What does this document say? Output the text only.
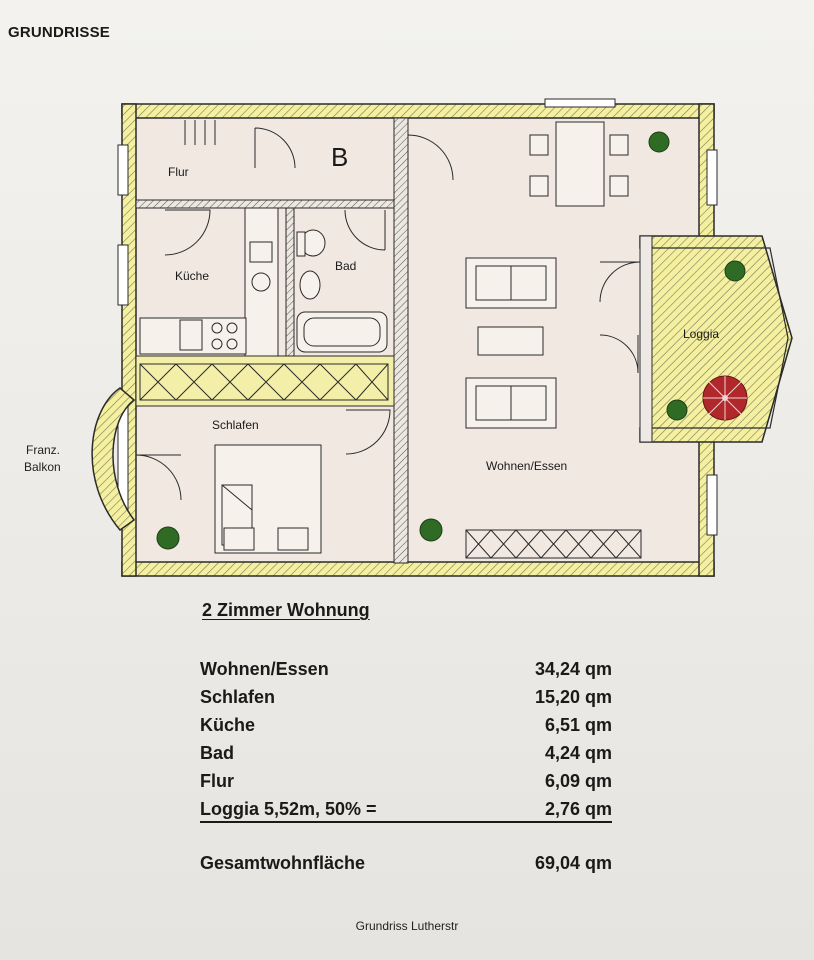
GRUNDRISSE
Flur	B
Küche
Bad
Schlafen
Wohnen/Essen
Loggia
Franz.
Balkon
2 Zimmer Wohnung
Wohnen/Essen	34,24 qm
Schlafen	15,20 qm
Küche	6,51 qm
Bad	4,24 qm
Flur	6,09 qm
Loggia 5,52m, 50% =	2,76 qm
Gesamtwohnfläche	69,04 qm
Grundriss Lutherstr
